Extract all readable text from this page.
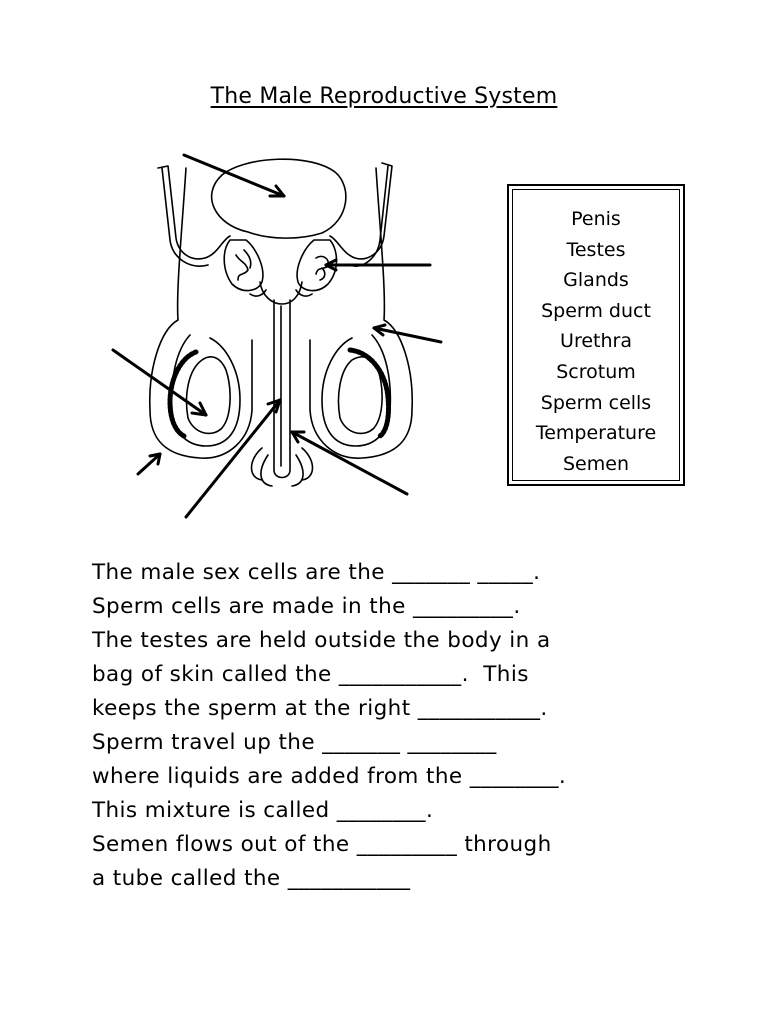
The Male Reproductive System
Penis
Testes
Glands
Sperm duct
Urethra
Scrotum
Sperm cells
Temperature
Semen
The male sex cells are the _______ _____.
Sperm cells are made in the _________.
The testes are held outside the body in a
bag of skin called the ___________.  This
keeps the sperm at the right ___________.
Sperm travel up the _______ ________
where liquids are added from the ________.
This mixture is called ________.
Semen flows out of the _________ through
a tube called the ___________
